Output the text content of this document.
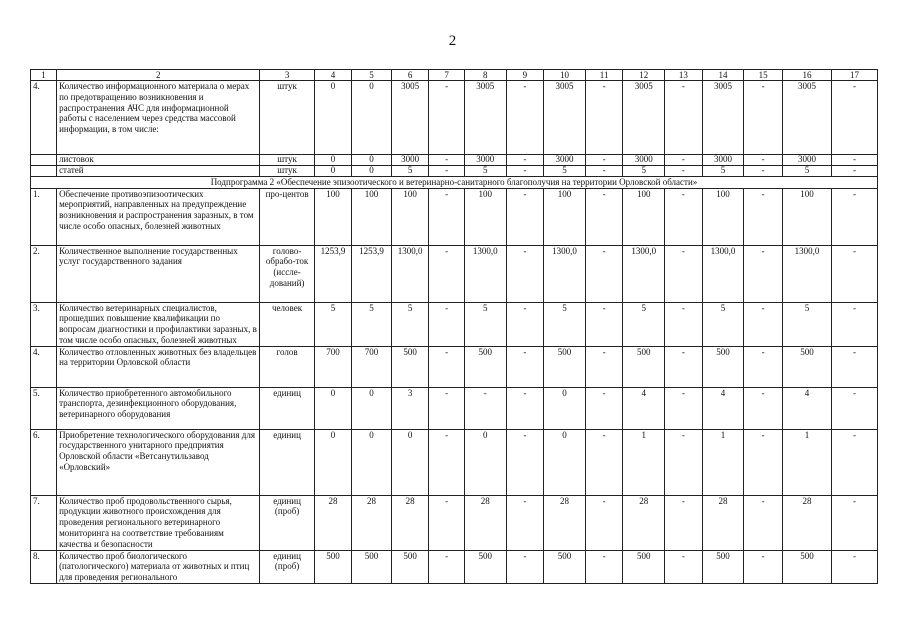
2
1	2	3	4	5	6	7	8	9	10	11	12	13	14	15	16	17
4.	Количество информационного материала о мерах по предотвращению возникновения и распространения АЧС для информационной работы с населением через средства массовой информации, в том числе:	штук	0	0	3005	-	3005	-	3005	-	3005	-	3005	-	3005	-
	листовок	штук	0	0	3000	-	3000	-	3000	-	3000	-	3000	-	3000	-
	статей	штук	0	0	5	-	5	-	5	-	5	-	5	-	5	-
Подпрограмма 2 «Обеспечение эпизоотического и ветеринарно-санитарного благополучия на территории Орловской области»																
1.	Обеспечение противоэпизоотических мероприятий, направленных на предупреждение возникновения и распространения заразных, в том числе особо опасных, болезней животных	про-центов	100	100	100	-	100	-	100	-	100	-	100	-	100	-
2.	Количественное выполнение государственных услуг государственного задания	голово-обрабо-ток (иссле-дований)	1253,9	1253,9	1300,0	-	1300,0	-	1300,0	-	1300,0	-	1300,0	-	1300,0	-
3.	Количество ветеринарных специалистов, прошедших повышение квалификации по вопросам диагностики и профилактики заразных, в том числе особо опасных, болезней животных	человек	5	5	5	-	5	-	5	-	5	-	5	-	5	-
4.	Количество отловленных животных без владельцев на территории Орловской области	голов	700	700	500	-	500	-	500	-	500	-	500	-	500	-
5.	Количество приобретенного автомобильного транспорта, дезинфекционного оборудования, ветеринарного оборудования	единиц	0	0	3	-	-	-	0	-	4	-	4	-	4	-
6.	Приобретение технологического оборудования для государственного унитарного предприятия Орловской области «Ветсанутильзавод «Орловский»	единиц	0	0	0	-	0	-	0	-	1	-	1	-	1	-
7.	Количество проб продовольственного сырья, продукции животного происхождения для проведения регионального ветеринарного мониторинга на соответствие требованиям качества и безопасности	единиц (проб)	28	28	28	-	28	-	28	-	28	-	28	-	28	-
8.	Количество проб биологического (патологического) материала от животных и птиц для проведения регионального	единиц (проб)	500	500	500	-	500	-	500	-	500	-	500	-	500	-
